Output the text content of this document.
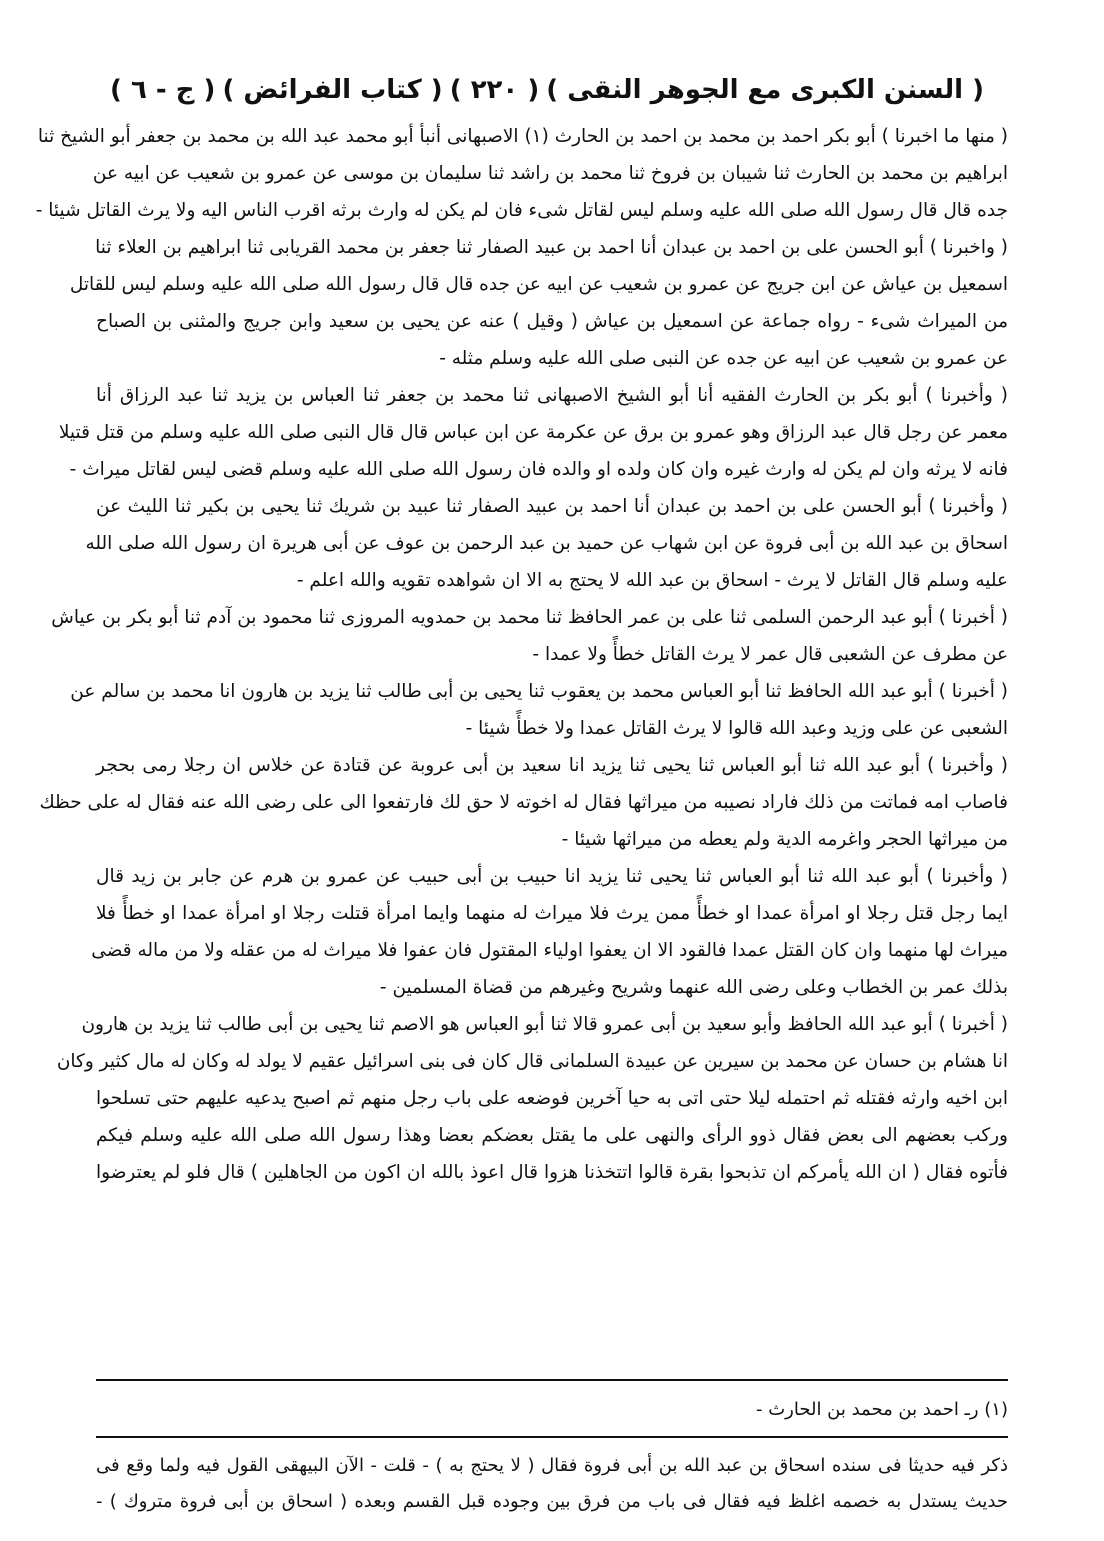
( السنن الكبرى مع الجوهر النقى )
( ٢٢٠ )
( كتاب الفرائض )
( ج - ٦ )
( منها ما اخبرنا ) أبو بكر احمد بن محمد بن احمد بن الحارث (١) الاصبهانى أنبأ أبو محمد عبد الله بن محمد بن جعفر أبو الشيخ ثنا
ابراهيم بن محمد بن الحارث ثنا شيبان بن فروخ ثنا محمد بن راشد ثنا سليمان بن موسى عن عمرو بن شعيب عن ابيه عن
جده قال قال رسول الله صلى الله عليه وسلم ليس لقاتل شىء فان لم يكن له وارث برثه اقرب الناس اليه ولا يرث القاتل شيئا -
( واخبرنا ) أبو الحسن على بن احمد بن عبدان أنا احمد بن عبيد الصفار ثنا جعفر بن محمد القريابى ثنا ابراهيم بن العلاء ثنا
اسمعيل بن عياش عن ابن جريج عن عمرو بن شعيب عن ابيه عن جده قال قال رسول الله صلى الله عليه وسلم ليس للقاتل
من الميراث شىء - رواه جماعة عن اسمعيل بن عياش ( وقيل ) عنه عن يحيى بن سعيد وابن جريج والمثنى بن الصباح
عن عمرو بن شعيب عن ابيه عن جده عن النبى صلى الله عليه وسلم مثله -
( وأخبرنا ) أبو بكر بن الحارث الفقيه أنا أبو الشيخ الاصبهانى ثنا محمد بن جعفر ثنا العباس بن يزيد ثنا عبد الرزاق أنا
معمر عن رجل قال عبد الرزاق وهو عمرو بن برق عن عكرمة عن ابن عباس قال قال النبى صلى الله عليه وسلم من قتل قتيلا
فانه لا يرثه وان لم يكن له وارث غيره وان كان ولده او والده فان رسول الله صلى الله عليه وسلم قضى ليس لقاتل ميراث -
( وأخبرنا ) أبو الحسن على بن احمد بن عبدان أنا احمد بن عبيد الصفار ثنا عبيد بن شريك ثنا يحيى بن بكير ثنا الليث عن
اسحاق بن عبد الله بن أبى فروة عن ابن شهاب عن حميد بن عبد الرحمن بن عوف عن أبى هريرة ان رسول الله صلى الله
عليه وسلم قال القاتل لا يرث - اسحاق بن عبد الله لا يحتج به الا ان شواهده تقويه والله اعلم -
( أخبرنا ) أبو عبد الرحمن السلمى ثنا على بن عمر الحافظ ثنا محمد بن حمدويه المروزى ثنا محمود بن آدم ثنا أبو بكر بن عياش
عن مطرف عن الشعبى قال عمر لا يرث القاتل خطأً ولا عمدا -
( أخبرنا ) أبو عبد الله الحافظ ثنا أبو العباس محمد بن يعقوب ثنا يحيى بن أبى طالب ثنا يزيد بن هارون انا محمد بن سالم عن
الشعبى عن على وزيد وعبد الله قالوا لا يرث القاتل عمدا ولا خطأً شيئا -
( وأخبرنا ) أبو عبد الله ثنا أبو العباس ثنا يحيى ثنا يزيد انا سعيد بن أبى عروبة عن قتادة عن خلاس ان رجلا رمى بحجر
فاصاب امه فماتت من ذلك فاراد نصيبه من ميراثها فقال له اخوته لا حق لك فارتفعوا الى على رضى الله عنه فقال له على حظك
من ميراثها الحجر واغرمه الدية ولم يعطه من ميراثها شيئا -
( وأخبرنا ) أبو عبد الله ثنا أبو العباس ثنا يحيى ثنا يزيد انا حبيب بن أبى حبيب عن عمرو بن هرم عن جابر بن زيد قال
ايما رجل قتل رجلا او امرأة عمدا او خطأً ممن يرث فلا ميراث له منهما وايما امرأة قتلت رجلا او امرأة عمدا او خطأً فلا
ميراث لها منهما وان كان القتل عمدا فالقود الا ان يعفوا اولياء المقتول فان عفوا فلا ميراث له من عقله ولا من ماله قضى
بذلك عمر بن الخطاب وعلى رضى الله عنهما وشريح وغيرهم من قضاة المسلمين -
( أخبرنا ) أبو عبد الله الحافظ وأبو سعيد بن أبى عمرو قالا ثنا أبو العباس هو الاصم ثنا يحيى بن أبى طالب ثنا يزيد بن هارون
انا هشام بن حسان عن محمد بن سيرين عن عبيدة السلمانى قال كان فى بنى اسرائيل عقيم لا يولد له وكان له مال كثير وكان
ابن اخيه وارثه فقتله ثم احتمله ليلا حتى اتى به حيا آخرين فوضعه على باب رجل منهم ثم اصبح يدعيه عليهم حتى تسلحوا
وركب بعضهم الى بعض فقال ذوو الرأى والنهى على ما يقتل بعضكم بعضا وهذا رسول الله صلى الله عليه وسلم فيكم
فأتوه فقال ( ان الله يأمركم ان تذبحوا بقرة قالوا اتتخذنا هزوا قال اعوذ بالله ان اكون من الجاهلين ) قال فلو لم يعترضوا
(١) رـ احمد بن محمد بن الحارث -
ذكر فيه حديثا فى سنده اسحاق بن عبد الله بن أبى فروة فقال ( لا يحتج به ) - قلت - الآن البيهقى القول فيه ولما وقع فى
حديث يستدل به خصمه اغلظ فيه فقال فى باب من فرق بين وجوده قبل القسم وبعده ( اسحاق بن أبى فروة متروك ) -
